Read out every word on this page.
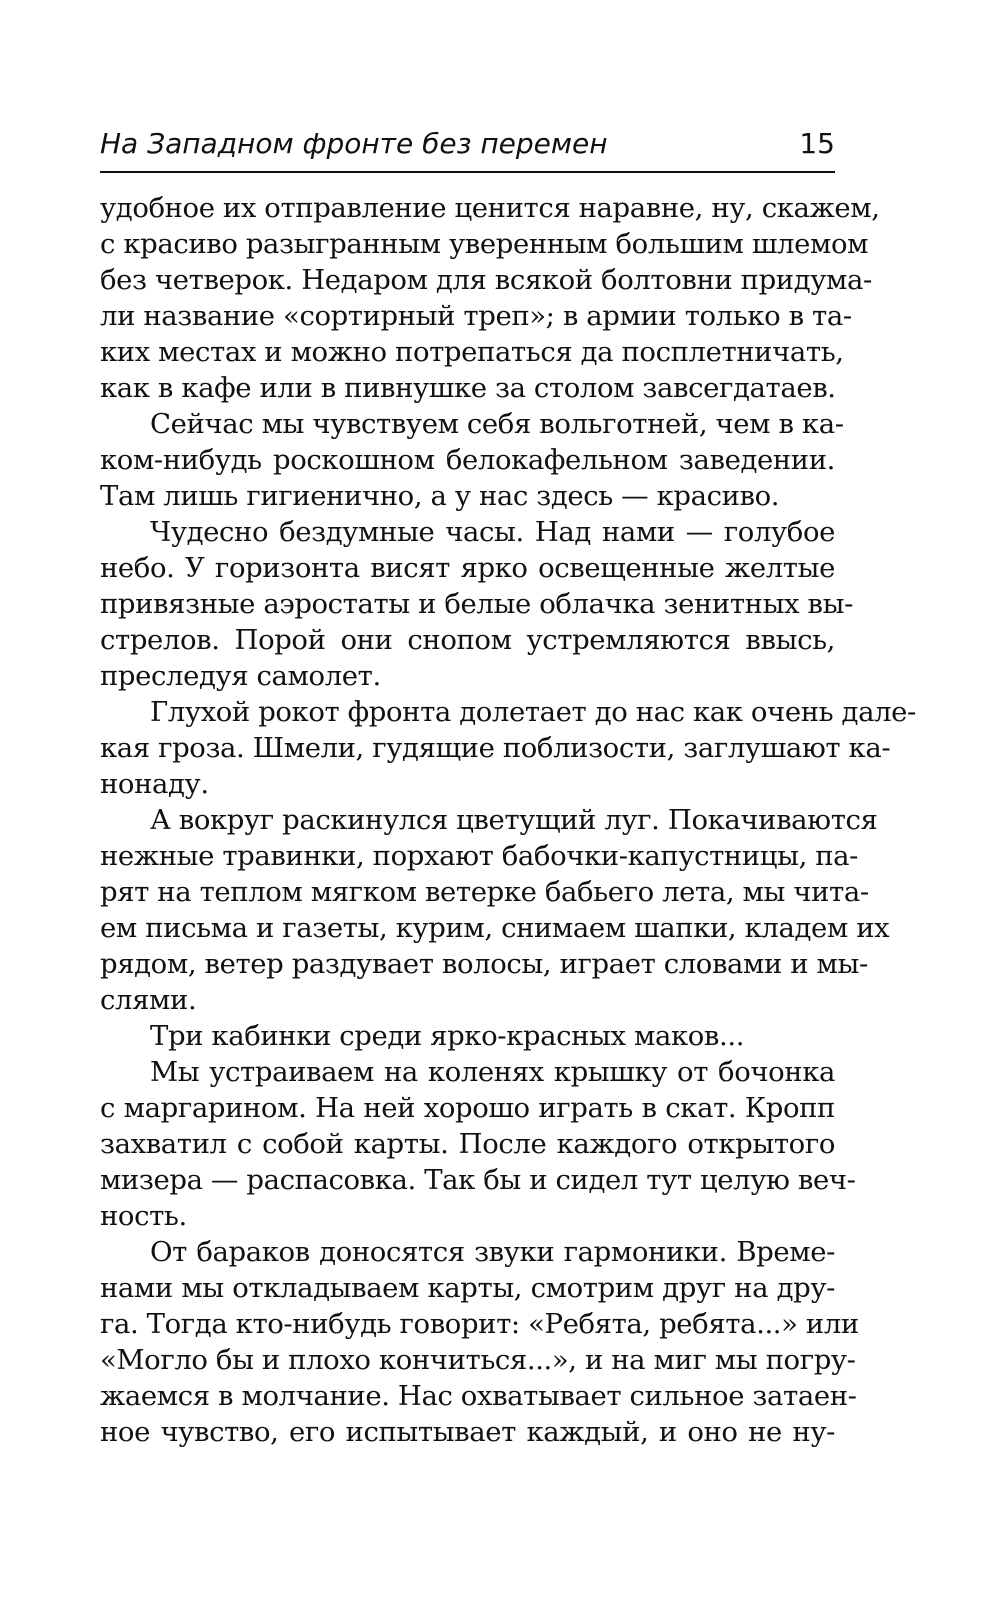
На Западном фронте без перемен	15
удобное их отправление ценится наравне, ну, скажем,
с красиво разыгранным уверенным большим шлемом
без четверок. Недаром для всякой болтовни придума-
ли название «сортирный треп»; в армии только в та-
ких местах и можно потрепаться да посплетничать,
как в кафе или в пивнушке за столом завсегдатаев.
Сейчас мы чувствуем себя вольготней, чем в ка-
ком-нибудь роскошном белокафельном заведении.
Там лишь гигиенично, а у нас здесь — красиво.
Чудесно бездумные часы. Над нами — голубое
небо. У горизонта висят ярко освещенные желтые
привязные аэростаты и белые облачка зенитных вы-
стрелов. Порой они снопом устремляются ввысь,
преследуя самолет.
Глухой рокот фронта долетает до нас как очень дале-
кая гроза. Шмели, гудящие поблизости, заглушают ка-
нонаду.
А вокруг раскинулся цветущий луг. Покачиваются
нежные травинки, порхают бабочки-капустницы, па-
рят на теплом мягком ветерке бабьего лета, мы чита-
ем письма и газеты, курим, снимаем шапки, кладем их
рядом, ветер раздувает волосы, играет словами и мы-
слями.
Три кабинки среди ярко-красных маков...
Мы устраиваем на коленях крышку от бочонка
с маргарином. На ней хорошо играть в скат. Кропп
захватил с собой карты. После каждого открытого
мизера — распасовка. Так бы и сидел тут целую веч-
ность.
От бараков доносятся звуки гармоники. Време-
нами мы откладываем карты, смотрим друг на дру-
га. Тогда кто-нибудь говорит: «Ребята, ребята...» или
«Могло бы и плохо кончиться...», и на миг мы погру-
жаемся в молчание. Нас охватывает сильное затаен-
ное чувство, его испытывает каждый, и оно не ну-
